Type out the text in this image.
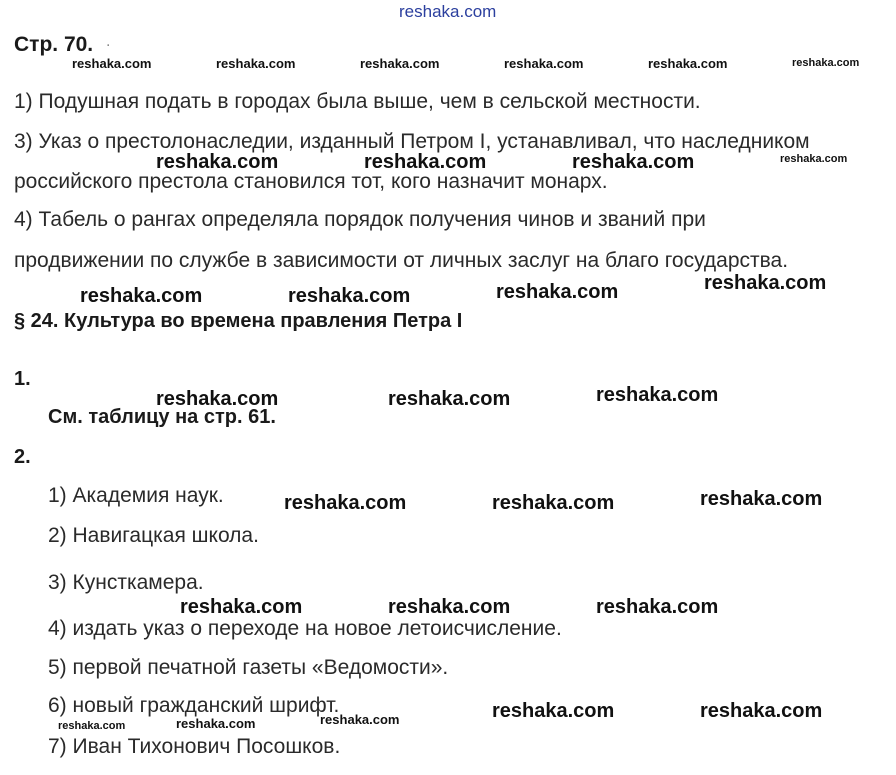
reshaka.com
Стр. 70. .
reshaka.com	reshaka.com	reshaka.com	reshaka.com	reshaka.com	reshaka.com
1) Подушная подать в городах была выше, чем в сельской местности.
3) Указ о престолонаследии, изданный Петром I, устанавливал, что наследником
reshaka.com	reshaka.com	reshaka.com	reshaka.com
российского престола становился тот, кого назначит монарх.
4) Табель о рангах определяла порядок получения чинов и званий при
продвижении по службе в зависимости от личных заслуг на благо государства.
reshaka.com
reshaka.com
reshaka.com
reshaka.com
§ 24. Культура во времена правления Петра I
1.
reshaka.com
reshaka.com	reshaka.com
См. таблицу на стр. 61.
2.
1) Академия наук.	reshaka.com
reshaka.com	reshaka.com
2) Навигацкая школа.
3) Кунсткамера.
reshaka.com	reshaka.com	reshaka.com
4) издать указ о переходе на новое летоисчисление.
5) первой печатной газеты «Ведомости».
6) новый гражданский шрифт.	reshaka.com	reshaka.com
reshaka.com
reshaka.com
reshaka.com
7) Иван Тихонович Посошков.
